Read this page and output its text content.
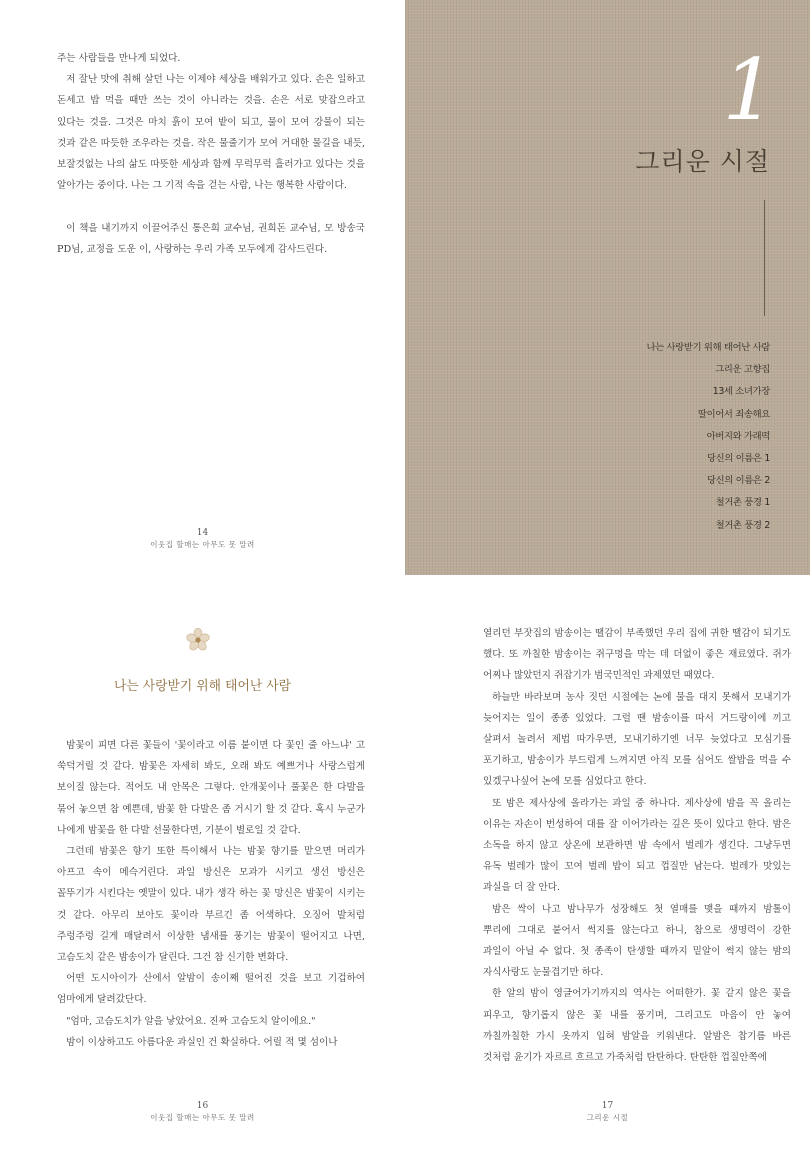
주는 사람들을 만나게 되었다.

저 잘난 맛에 취해 살던 나는 이제야 세상을 배워가고 있다. 손은 일하고 돈세고 밥 먹을 때만 쓰는 것이 아니라는 것을. 손은 서로 맞잡으라고 있다는 것을. 그것은 마치 흙이 모여 밭이 되고, 물이 모여 강물이 되는 것과 같은 따듯한 조우라는 것을. 작은 물줄기가 모여 거대한 물길을 내듯, 보잘것없는 나의 삶도 따뜻한 세상과 함께 무럭무럭 흘러가고 있다는 것을 알아가는 중이다. 나는 그 기적 속을 걷는 사람, 나는 행복한 사람이다.

이 책을 내기까지 이끌어주신 통은희 교수님, 권희돈 교수님, 모 방송국 PD님, 교정을 도운 이, 사랑하는 우리 가족 모두에게 감사드린다.

14
이웃집 할매는 아무도 못 말려
1
그리운 시절
나는 사랑받기 위해 태어난 사람
그리운 고향집
13세 소녀가장
딸이어서 죄송해요
아버지와 가래떡
당신의 이름은 1
당신의 이름은 2
철거촌 풍경 1
철거촌 풍경 2
나는 사랑받기 위해 태어난 사람

밤꽃이 피면 다른 꽃들이 '꽃이라고 이름 붙이면 다 꽃인 줄 아느냐' 고 쑥덕거릴 것 같다. 밤꽃은 자세히 봐도, 오래 봐도 예쁘거나 사랑스럽게 보이질 않는다. 적어도 내 안목은 그렇다. 안개꽃이나 풀꽃은 한 다발을 묶어 놓으면 참 예쁜데, 밤꽃 한 다발은 좀 거시기 할 것 같다. 혹시 누군가 나에게 밤꽃을 한 다발 선물한다면, 기분이 별로일 것 같다.

그런데 밤꽃은 향기 또한 특이해서 나는 밤꽃 향기를 맡으면 머리가 아프고 속이 메슥거린다. 과일 방신은 모과가 시키고 생선 방신은 꼴뚜기가 시킨다는 옛말이 있다. 내가 생각 하는 꽃 망신은 밤꽃이 시키는 것 같다. 아무리 보아도 꽃이라 부르긴 좀 어색하다. 오징어 발처럼 주렁주렁 길게 매달려서 이상한 냄새를 풍기는 밤꽃이 떨어지고 나면, 고슴도치 같은 밤송이가 달린다. 그건 참 신기한 변화다.

어떤 도시아이가 산에서 알밤이 송이째 떨어진 것을 보고 기겁하여 엄마에게 달려갔단다.

"엄마, 고슴도치가 알을 낳았어요. 진짜 고슴도치 알이에요."

밤이 이상하고도 아름다운 과실인 건 확실하다. 어릴 적 몇 섬이나

16
이웃집 할매는 아무도 못 말려

열리던 부잣집의 밤송이는 땔감이 부족했던 우리 집에 귀한 땔감이 되기도 했다. 또 까칠한 밤송이는 쥐구멍을 막는 데 더없이 좋은 재료였다. 쥐가 어찌나 많았던지 쥐잡기가 범국민적인 과제였던 때였다.

하늘만 바라보며 농사 짓던 시절에는 논에 물을 대지 못해서 모내기가 늦어지는 일이 종종 있었다. 그럴 땐 밤송이를 따서 거드랑이에 끼고 살펴서 놀려서 제법 따가우면, 모내기하기엔 너무 늦었다고 모심기를 포기하고, 밤송이가 부드럽게 느껴지면 아직 모를 심어도 쌀밥을 먹을 수 있겠구나싶어 논에 모를 심었다고 한다.

또 밤은 제사상에 올라가는 과일 중 하나다. 제사상에 밤을 꼭 올리는 이유는 자손이 번성하여 대를 잘 이어가라는 깊은 뜻이 있다고 한다. 밤은 소독을 하지 않고 상온에 보관하면 밤 속에서 벌레가 생긴다. 그냥두면 유독 벌레가 많이 꼬여 벌레 밥이 되고 껍질만 남는다. 벌레가 맛있는 과실을 더 잘 안다.

밤은 싹이 나고 밤나무가 성장해도 첫 열매를 맺을 때까지 밤톨이 뿌리에 그대로 붙어서 썩지를 않는다고 하니, 참으로 생명력이 강한 과일이 아닐 수 없다. 첫 종족이 탄생할 때까지 밑알이 썩지 않는 밤의 자식사랑도 눈물겹기만 하다.

한 알의 밤이 영글어가기까지의 역사는 어떠한가. 꽃 같지 않은 꽃을 피우고, 향기롭지 않은 꽃 내를 풍기며, 그리고도 마음이 안 놓여 까칠까칠한 가시 옷까지 입혀 밤알을 키워낸다. 알밤은 찹기름 바른 것처럼 윤기가 자르르 흐르고 가죽처럼 탄탄하다. 탄탄한 껍질안쪽에

17
그리운 시절
